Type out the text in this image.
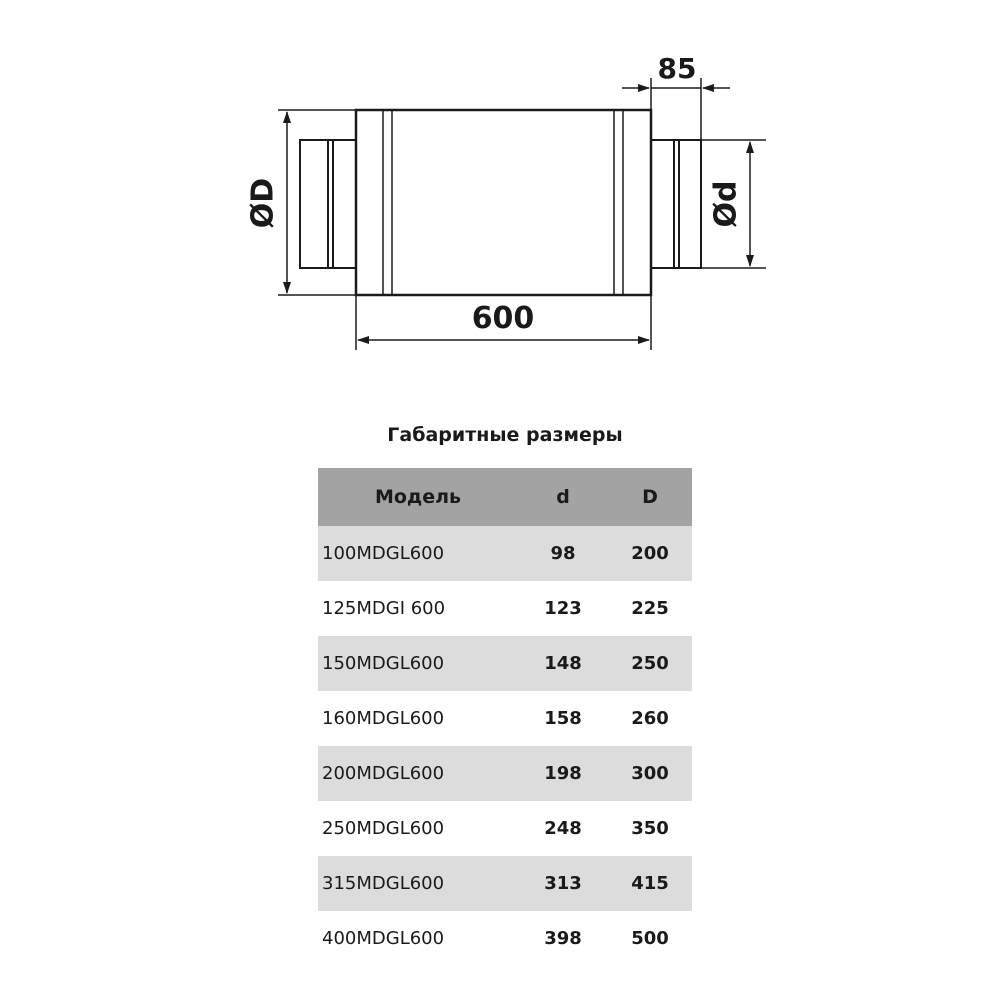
ØD	Ød
85
600
Габаритные размеры
Модель	d	D
100MDGL600	98	200
125MDGI 600	123	225
150MDGL600	148	250
160MDGL600	158	260
200MDGL600	198	300
250MDGL600	248	350
315MDGL600	313	415
400MDGL600	398	500
